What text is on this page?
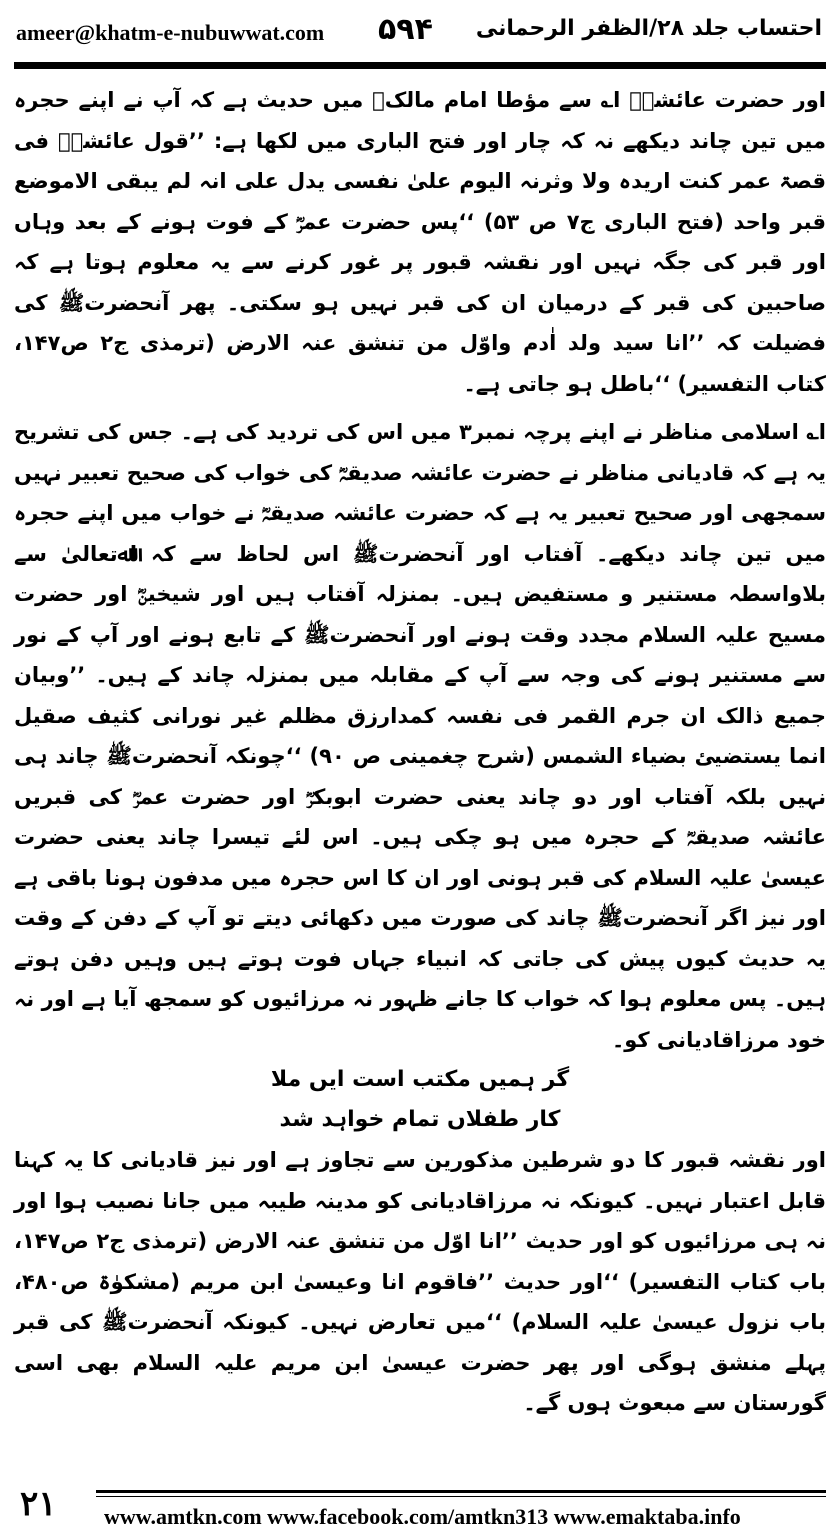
ameer@khatm-e-nubuwwat.com ۵۹۴ احتساب جلد ۲۸/الظفر الرحمانی

اور حضرت عائشہؓ ا؎ سے مؤطا امام مالکؒ میں حدیث ہے کہ آپ نے اپنے حجرہ میں تین چاند دیکھے نہ کہ چار اور فتح الباری میں لکھا ہے: ’’قول عائشۃؓ فی قصۃ عمر کنت اریدہ ولا وثرنہ الیوم علیٰ نفسی یدل علی انہ لم یبقی الاموضع قبر واحد (فتح الباری ج۷ ص ۵۳) ‘‘پس حضرت عمرؓ کے فوت ہونے کے بعد وہاں اور قبر کی جگہ نہیں اور نقشہ قبور پر غور کرنے سے یہ معلوم ہوتا ہے کہ صاحبین کی قبر کے درمیان ان کی قبر نہیں ہو سکتی۔ پھر آنحضرتﷺ کی فضیلت کہ ’’انا سید ولد اٰدم واوّل من تنشق عنہ الارض (ترمذی ج۲ ص۱۴۷، کتاب التفسیر) ‘‘باطل ہو جاتی ہے۔

ا؎ اسلامی مناظر نے اپنے پرچہ نمبر۳ میں اس کی تردید کی ہے۔ جس کی تشریح یہ ہے کہ قادیانی مناظر نے حضرت عائشہ صدیقہؓ کی خواب کی صحیح تعبیر نہیں سمجھی اور صحیح تعبیر یہ ہے کہ حضرت عائشہ صدیقہؓ نے خواب میں اپنے حجرہ میں تین چاند دیکھے۔ آفتاب اور آنحضرتﷺ اس لحاظ سے کہ اﷲتعالیٰ سے بلاواسطہ مستنیر و مستفیض ہیں۔ بمنزلہ آفتاب ہیں اور شیخینؓ اور حضرت مسیح علیہ السلام مجدد وقت ہونے اور آنحضرتﷺ کے تابع ہونے اور آپ کے نور سے مستنیر ہونے کی وجہ سے آپ کے مقابلہ میں بمنزلہ چاند کے ہیں۔ ’’وبیان جمیع ذالک ان جرم القمر فی نفسہ کمدارزق مظلم غیر نورانی کثیف صقیل انما یستضیئ بضیاء الشمس (شرح چغمینی ص ۹۰) ‘‘چونکہ آنحضرتﷺ چاند ہی نہیں بلکہ آفتاب اور دو چاند یعنی حضرت ابوبکرؓ اور حضرت عمرؓ کی قبریں عائشہ صدیقہؓ کے حجرہ میں ہو چکی ہیں۔ اس لئے تیسرا چاند یعنی حضرت عیسیٰ علیہ السلام کی قبر ہونی اور ان کا اس حجرہ میں مدفون ہونا باقی ہے اور نیز اگر آنحضرتﷺ چاند کی صورت میں دکھائی دیتے تو آپ کے دفن کے وقت یہ حدیث کیوں پیش کی جاتی کہ انبیاء جہاں فوت ہوتے ہیں وہیں دفن ہوتے ہیں۔ پس معلوم ہوا کہ خواب کا جانے ظہور نہ مرزائیوں کو سمجھ آیا ہے اور نہ خود مرزاقادیانی کو۔

گر ہمیں مکتب است ایں ملا

کار طفلاں تمام خواہد شد

اور نقشہ قبور کا دو شرطین مذکورین سے تجاوز ہے اور نیز قادیانی کا یہ کہنا قابل اعتبار نہیں۔ کیونکہ نہ مرزاقادیانی کو مدینہ طیبہ میں جانا نصیب ہوا اور نہ ہی مرزائیوں کو اور حدیث ’’انا اوّل من تنشق عنہ الارض (ترمذی ج۲ ص۱۴۷، باب کتاب التفسیر) ‘‘اور حدیث ’’فاقوم انا وعیسیٰ ابن مریم (مشکوٰۃ ص۴۸۰، باب نزول عیسیٰ علیہ السلام) ‘‘میں تعارض نہیں۔ کیونکہ آنحضرتﷺ کی قبر پہلے منشق ہوگی اور پھر حضرت عیسیٰ ابن مریم علیہ السلام بھی اسی گورستان سے مبعوث ہوں گے۔

۲۱ www.amtkn.com www.facebook.com/amtkn313 www.emaktaba.info
